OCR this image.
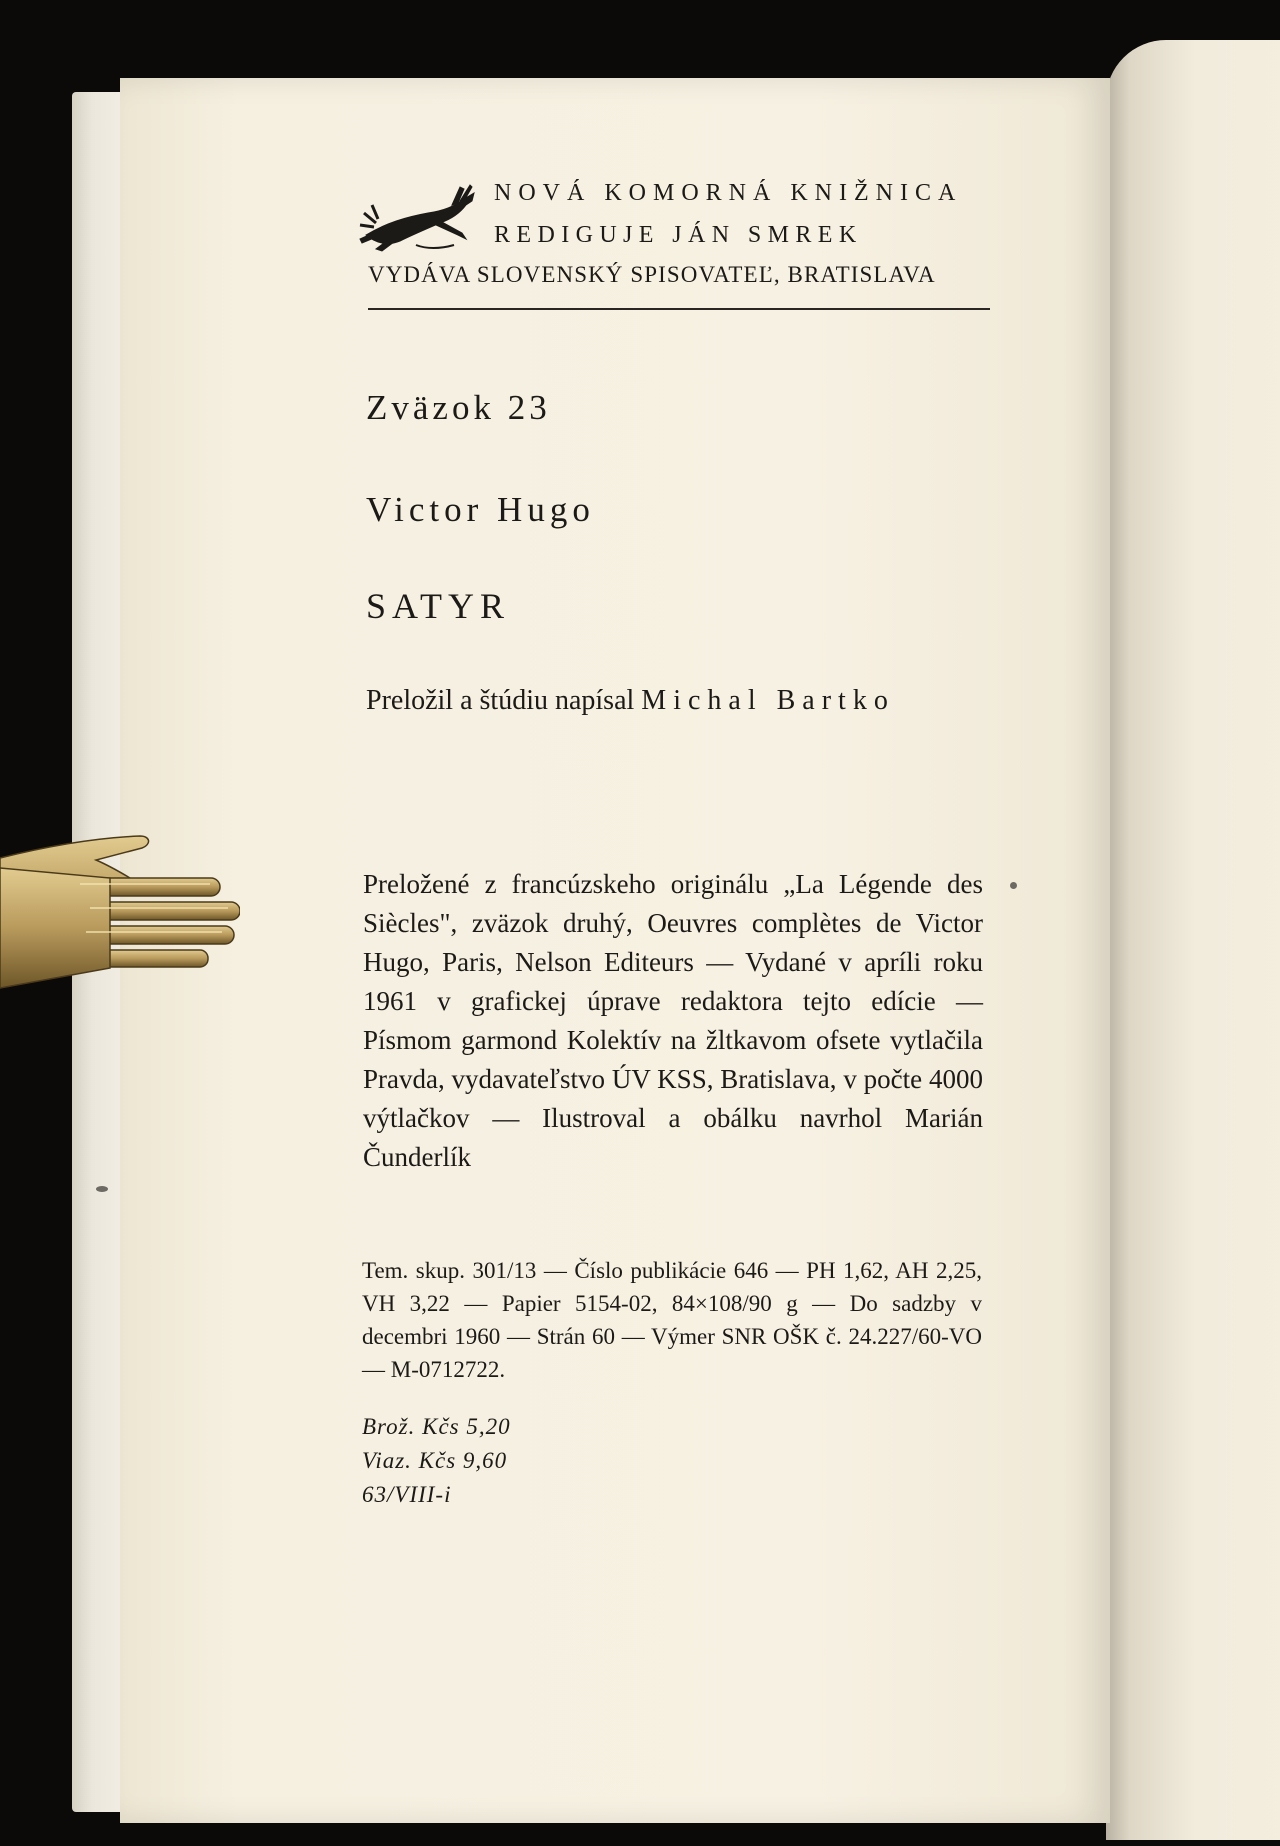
NOVÁ KOMORNÁ KNIŽNICA
REDIGUJE JÁN SMREK
VYDÁVA SLOVENSKÝ SPISOVATEĽ, BRATISLAVA
Zväzok 23
Victor Hugo
SATYR
Preložil a štúdiu napísal Michal Bartko
Preložené z francúzskeho originálu „La Légende des Siècles", zväzok druhý, Oeuvres complètes de Victor Hugo, Paris, Nelson Editeurs — Vydané v apríli roku 1961 v grafickej úprave redaktora tejto edície — Písmom garmond Kolektív na žltkavom ofsete vytlačila Pravda, vydavateľstvo ÚV KSS, Bratislava, v počte 4000 výtlačkov — Ilustroval a obálku navrhol Marián Čunderlík
Tem. skup. 301/13 — Číslo publikácie 646 — PH 1,62, AH 2,25, VH 3,22 — Papier 5154-02, 84×108/90 g — Do sadzby v decembri 1960 — Strán 60 — Výmer SNR OŠK č. 24.227/60-VO — M-0712722.
Brož. Kčs 5,20
Viaz. Kčs 9,60
63/VIII-i
